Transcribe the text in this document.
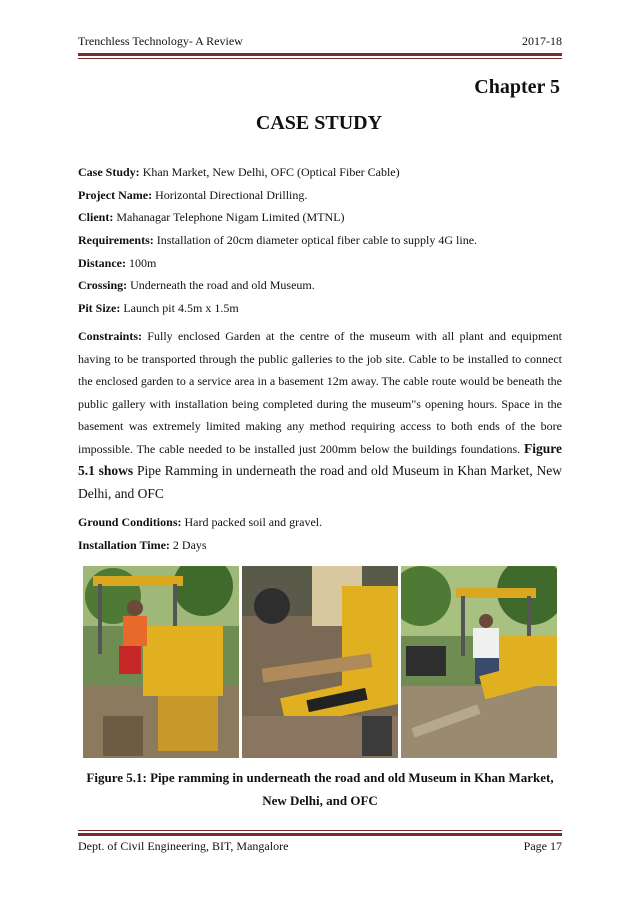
Trenchless Technology- A Review	2017-18
Chapter 5
CASE STUDY
Case Study: Khan Market, New Delhi, OFC (Optical Fiber Cable)
Project Name: Horizontal Directional Drilling.
Client: Mahanagar Telephone Nigam Limited (MTNL)
Requirements: Installation of 20cm diameter optical fiber cable to supply 4G line.
Distance: 100m
Crossing: Underneath the road and old Museum.
Pit Size: Launch pit 4.5m x 1.5m
Constraints: Fully enclosed Garden at the centre of the museum with all plant and equipment having to be transported through the public galleries to the job site. Cable to be installed to connect the enclosed garden to a service area in a basement 12m away. The cable route would be beneath the public gallery with installation being completed during the museum"s opening hours. Space in the basement was extremely limited making any method requiring access to both ends of the bore impossible. The cable needed to be installed just 200mm below the buildings foundations. Figure 5.1 shows Pipe Ramming in underneath the road and old Museum in Khan Market, New Delhi, and OFC
Ground Conditions: Hard packed soil and gravel.
Installation Time: 2 Days
Figure 5.1: Pipe ramming in underneath the road and old Museum in Khan Market,
New Delhi, and OFC
Dept. of Civil Engineering, BIT, Mangalore	Page 17
